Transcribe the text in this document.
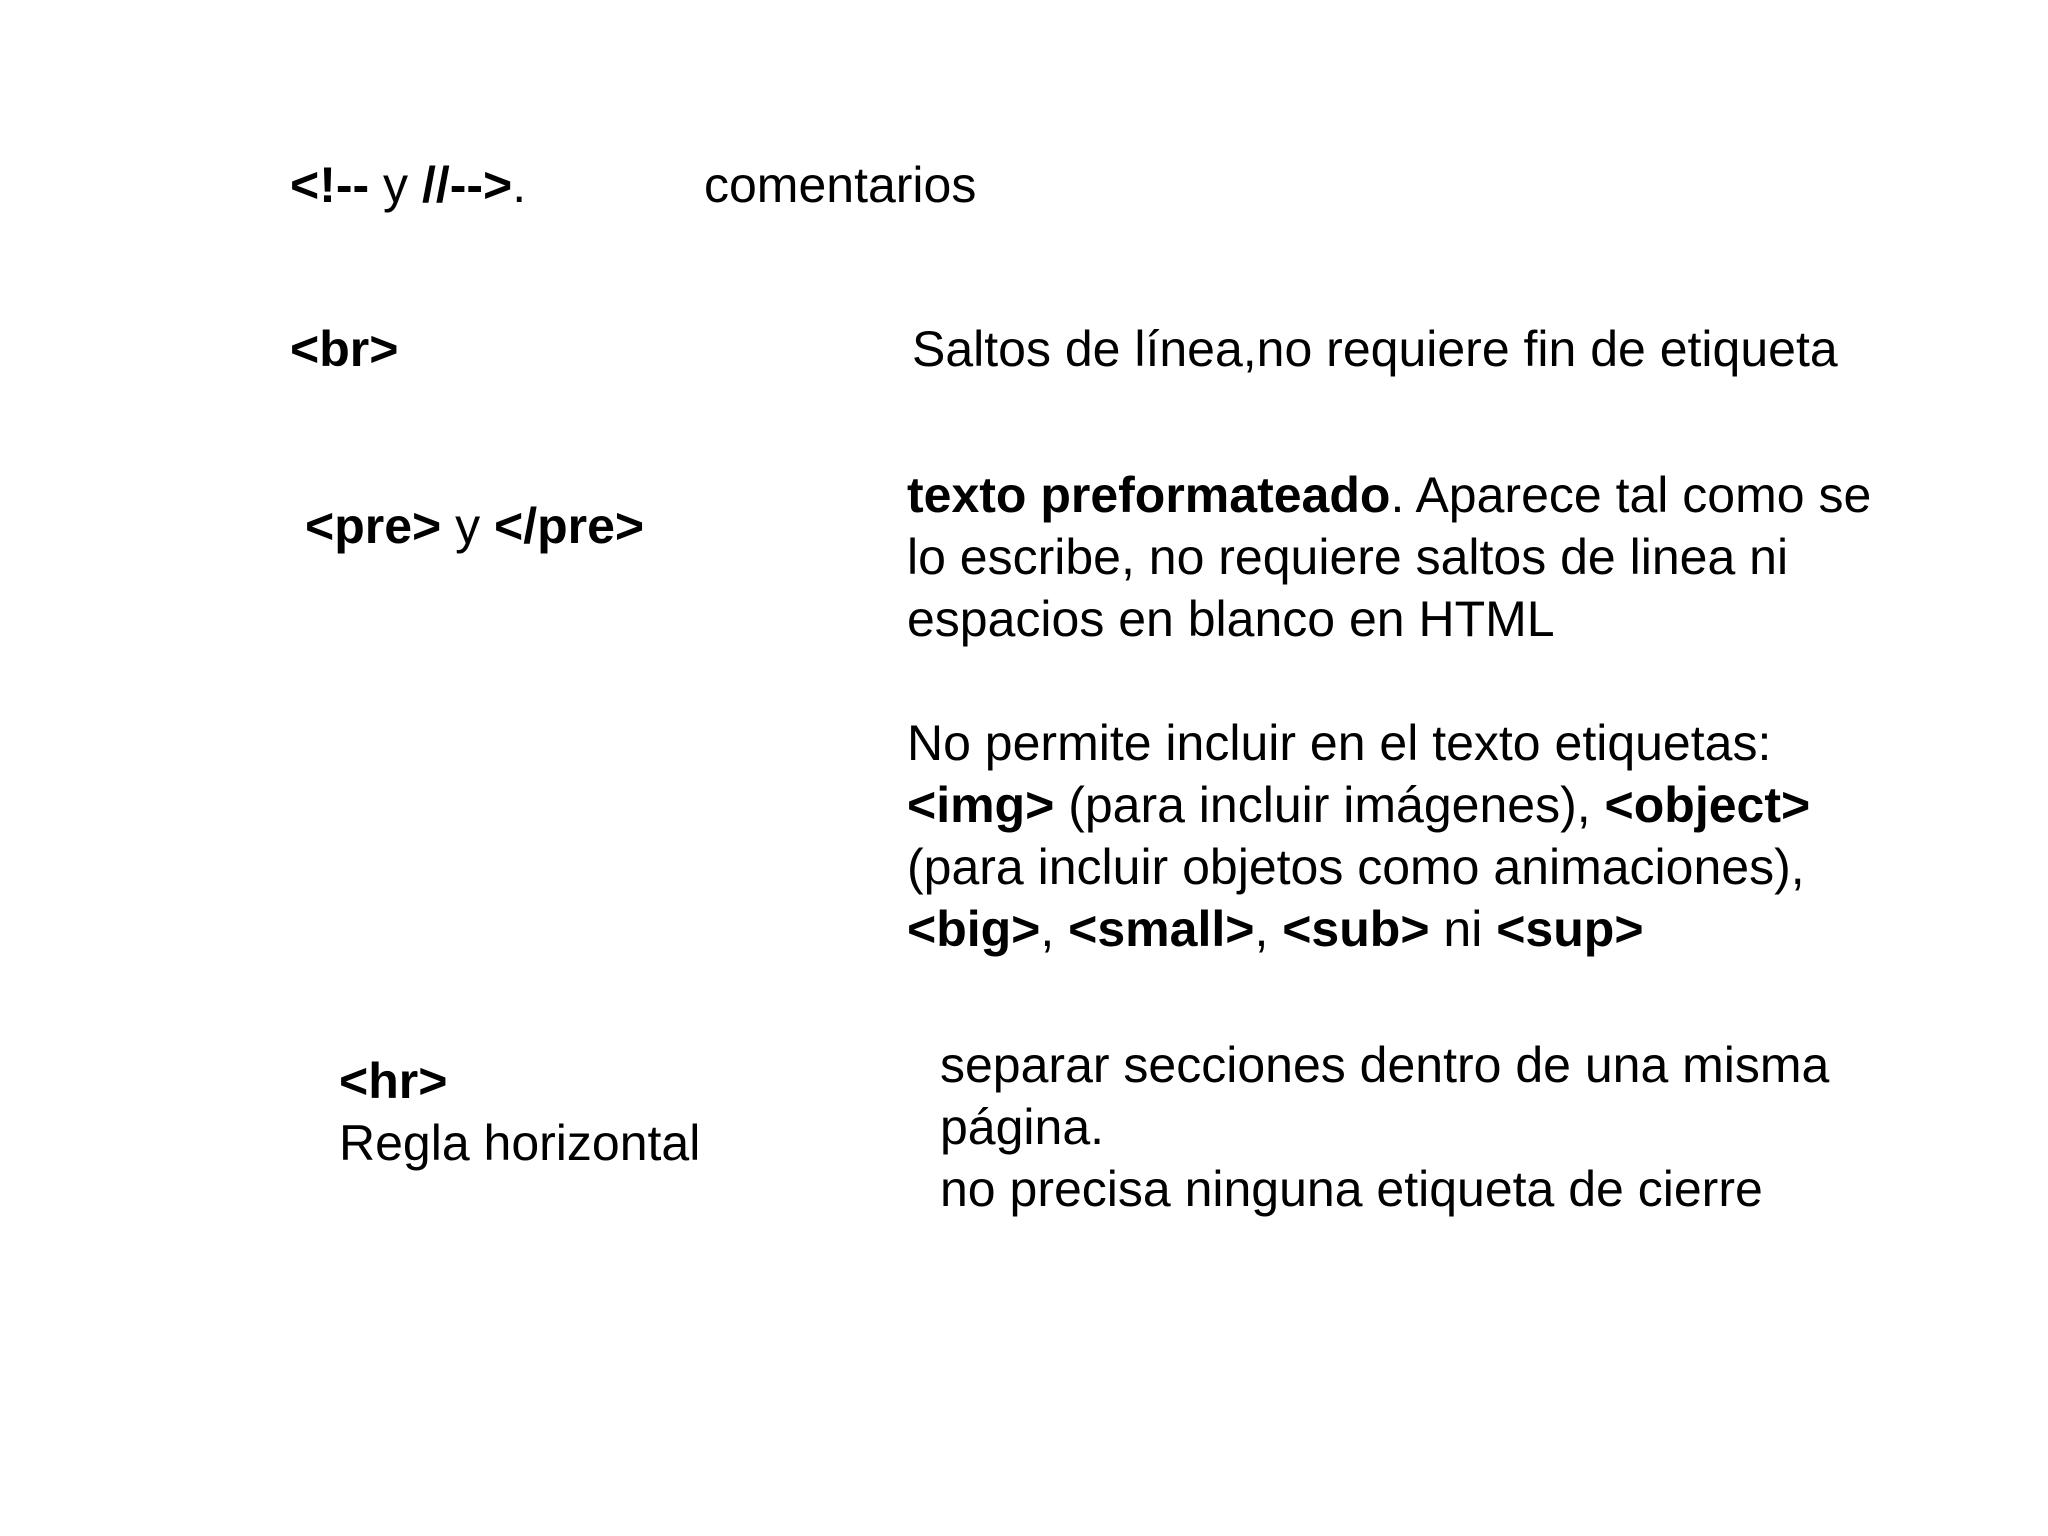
<!-- y //-->.	comentarios
<br>	Saltos de línea,no requiere fin de etiqueta
<pre> y </pre>
texto preformateado. Aparece tal como se
lo escribe, no requiere saltos de linea ni
espacios en blanco en HTML
No permite incluir en el texto etiquetas:
<img> (para incluir imágenes), <object>
(para incluir objetos como animaciones),
<big>, <small>, <sub> ni <sup>
<hr>
Regla horizontal
separar secciones dentro de una misma
página.
no precisa ninguna etiqueta de cierre
